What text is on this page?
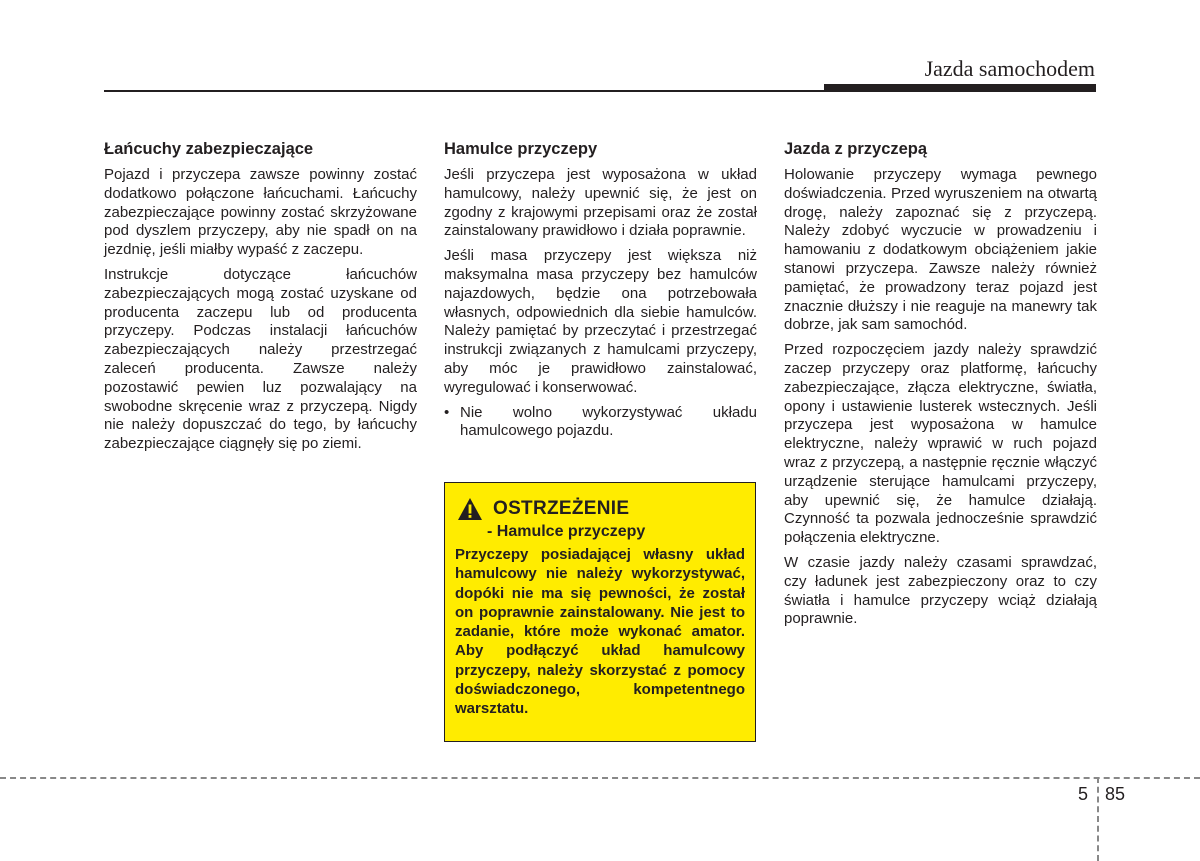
Jazda samochodem
Łańcuchy zabezpieczające

Pojazd i przyczepa zawsze powinny zostać dodatkowo połączone łańcuchami. Łańcuchy zabezpieczające powinny zostać skrzyżowane pod dyszlem przyczepy, aby nie spadł on na jezdnię, jeśli miałby wypaść z zaczepu.

Instrukcje dotyczące łańcuchów zabezpieczających mogą zostać uzyskane od producenta zaczepu lub od producenta przyczepy. Podczas instalacji łańcuchów zabezpieczających należy przestrzegać zaleceń producenta. Zawsze należy pozostawić pewien luz pozwalający na swobodne skręcenie wraz z przyczepą. Nigdy nie należy dopuszczać do tego, by łańcuchy zabezpieczające ciągnęły się po ziemi.

Hamulce przyczepy

Jeśli przyczepa jest wyposażona w układ hamulcowy, należy upewnić się, że jest on zgodny z krajowymi przepisami oraz że został zainstalowany prawidłowo i działa poprawnie.

Jeśli masa przyczepy jest większa niż maksymalna masa przyczepy bez hamulców najazdowych, będzie ona potrzebowała własnych, odpowiednich dla siebie hamulców. Należy pamiętać by przeczytać i przestrzegać instrukcji związanych z hamulcami przyczepy, aby móc je prawidłowo zainstalować, wyregulować i konserwować.

• Nie wolno wykorzystywać układu hamulcowego pojazdu.
OSTRZEŻENIE
- Hamulce przyczepy

Przyczepy posiadającej własny układ hamulcowy nie należy wykorzystywać, dopóki nie ma się pewności, że został on poprawnie zainstalowany. Nie jest to zadanie, które może wykonać amator. Aby podłączyć układ hamulcowy przyczepy, należy skorzystać z pomocy doświadczonego, kompetentnego warsztatu.

Jazda z przyczepą

Holowanie przyczepy wymaga pewnego doświadczenia. Przed wyruszeniem na otwartą drogę, należy zapoznać się z przyczepą. Należy zdobyć wyczucie w prowadzeniu i hamowaniu z dodatkowym obciążeniem jakie stanowi przyczepa. Zawsze należy również pamiętać, że prowadzony teraz pojazd jest znacznie dłuższy i nie reaguje na manewry tak dobrze, jak sam samochód.

Przed rozpoczęciem jazdy należy sprawdzić zaczep przyczepy oraz platformę, łańcuchy zabezpieczające, złącza elektryczne, światła, opony i ustawienie lusterek wstecznych. Jeśli przyczepa jest wyposażona w hamulce elektryczne, należy wprawić w ruch pojazd wraz z przyczepą, a następnie ręcznie włączyć urządzenie sterujące hamulcami przyczepy, aby upewnić się, że hamulce działają. Czynność ta pozwala jednocześnie sprawdzić połączenia elektryczne.

W czasie jazdy należy czasami sprawdzać, czy ładunek jest zabezpieczony oraz to czy światła i hamulce przyczepy wciąż działają poprawnie.

5 85
